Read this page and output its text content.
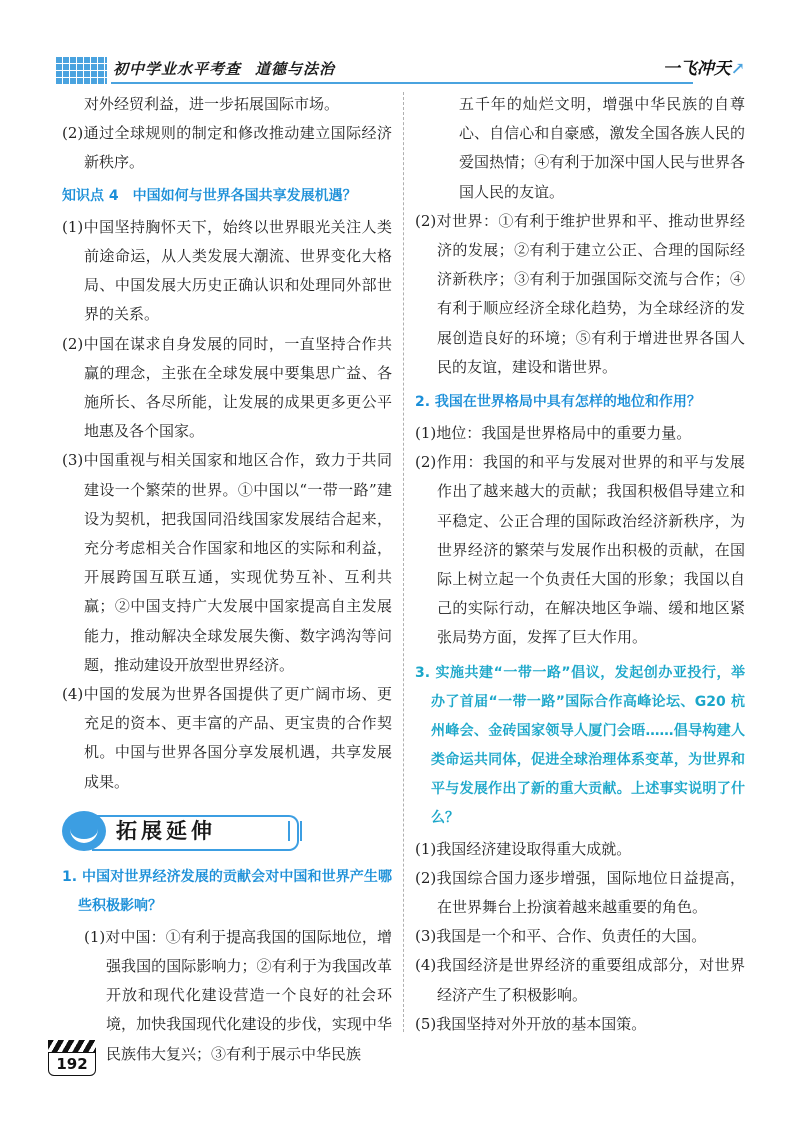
初中学业水平考查 道德与法治	一飞冲天↗

对外经贸利益，进一步拓展国际市场。

(2)通过全球规则的制定和修改推动建立国际经济新秩序。

知识点 4　中国如何与世界各国共享发展机遇？

(1)中国坚持胸怀天下，始终以世界眼光关注人类前途命运，从人类发展大潮流、世界变化大格局、中国发展大历史正确认识和处理同外部世界的关系。

(2)中国在谋求自身发展的同时，一直坚持合作共赢的理念，主张在全球发展中要集思广益、各施所长、各尽所能，让发展的成果更多更公平地惠及各个国家。

(3)中国重视与相关国家和地区合作，致力于共同建设一个繁荣的世界。①中国以“一带一路”建设为契机，把我国同沿线国家发展结合起来，充分考虑相关合作国家和地区的实际和利益，开展跨国互联互通，实现优势互补、互利共赢；②中国支持广大发展中国家提高自主发展能力，推动解决全球发展失衡、数字鸿沟等问题，推动建设开放型世界经济。

(4)中国的发展为世界各国提供了更广阔市场、更充足的资本、更丰富的产品、更宝贵的合作契机。中国与世界各国分享发展机遇，共享发展成果。

拓展延伸

1. 中国对世界经济发展的贡献会对中国和世界产生哪些积极影响？

(1)对中国：①有利于提高我国的国际地位，增强我国的国际影响力；②有利于为我国改革开放和现代化建设营造一个良好的社会环境，加快我国现代化建设的步伐，实现中华民族伟大复兴；③有利于展示中华民族

五千年的灿烂文明，增强中华民族的自尊心、自信心和自豪感，激发全国各族人民的爱国热情；④有利于加深中国人民与世界各国人民的友谊。

(2)对世界：①有利于维护世界和平、推动世界经济的发展；②有利于建立公正、合理的国际经济新秩序；③有利于加强国际交流与合作；④有利于顺应经济全球化趋势，为全球经济的发展创造良好的环境；⑤有利于增进世界各国人民的友谊，建设和谐世界。

2. 我国在世界格局中具有怎样的地位和作用？

(1)地位：我国是世界格局中的重要力量。

(2)作用：我国的和平与发展对世界的和平与发展作出了越来越大的贡献；我国积极倡导建立和平稳定、公正合理的国际政治经济新秩序，为世界经济的繁荣与发展作出积极的贡献，在国际上树立起一个负责任大国的形象；我国以自己的实际行动，在解决地区争端、缓和地区紧张局势方面，发挥了巨大作用。

3. 实施共建“一带一路”倡议，发起创办亚投行，举办了首届“一带一路”国际合作高峰论坛、G20 杭州峰会、金砖国家领导人厦门会晤……倡导构建人类命运共同体，促进全球治理体系变革，为世界和平与发展作出了新的重大贡献。上述事实说明了什么？

(1)我国经济建设取得重大成就。

(2)我国综合国力逐步增强，国际地位日益提高，在世界舞台上扮演着越来越重要的角色。

(3)我国是一个和平、合作、负责任的大国。

(4)我国经济是世界经济的重要组成部分，对世界经济产生了积极影响。

(5)我国坚持对外开放的基本国策。

192
